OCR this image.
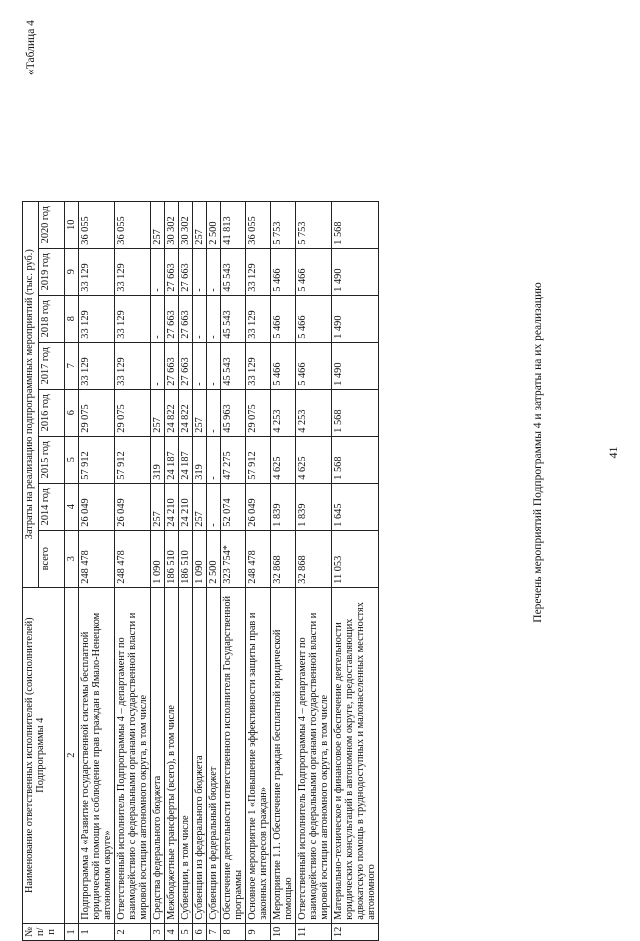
41
«Таблица 4
Перечень мероприятий Подпрограммы 4 и затраты на их реализацию
№ п/п	Наименование ответственных исполнителей (соисполнителей) Подпрограммы 4	Затраты на реализацию подпрограммных мероприятий (тыс. руб.)							
		всего	2014 год	2015 год	2016 год	2017 год	2018 год	2019 год	2020 год
1	2	3	4	5	6	7	8	9	10
1	Подпрограмма 4 «Развитие государственной системы бесплатной юридической помощи и соблюдение прав граждан в Ямало-Ненецком автономном округе»	248 478	26 049	57 912	29 075	33 129	33 129	33 129	36 055
2	Ответственный исполнитель Подпрограммы 4 – департамент по взаимодействию с федеральными органами государственной власти и мировой юстиции автономного округа, в том числе	248 478	26 049	57 912	29 075	33 129	33 129	33 129	36 055
3	Средства федерального бюджета	1 090	257	319	257	-	-	-	257
4	Межбюджетные трансферты (всего), в том числе	186 510	24 210	24 187	24 822	27 663	27 663	27 663	30 302
5	Субвенции, в том числе	186 510	24 210	24 187	24 822	27 663	27 663	27 663	30 302
6	Субвенции из федерального бюджета	1 090	257	319	257	-	-	-	257
7	Субвенции в федеральный бюджет	2 500	-	-	-	-	-	-	2 500
8	Обеспечение деятельности ответственного исполнителя Государственной программы	323 754*	52 074	47 275	45 963	45 543	45 543	45 543	41 813
9	Основное мероприятие 1 «Повышение эффективности защиты прав и законных интересов граждан»	248 478	26 049	57 912	29 075	33 129	33 129	33 129	36 055
10	Мероприятие 1.1. Обеспечение граждан бесплатной юридической помощью	32 868	1 839	4 625	4 253	5 466	5 466	5 466	5 753
11	Ответственный исполнитель Подпрограммы 4 – департамент по взаимодействию с федеральными органами государственной власти и мировой юстиции автономного округа, в том числе	32 868	1 839	4 625	4 253	5 466	5 466	5 466	5 753
12	Материально-техническое и финансовое обеспечение деятельности юридических консультаций в автономном округе, предоставляющих адвокатскую помощь в труднодоступных и малонаселенных местностях автономного	11 053	1 645	1 568	1 568	1 490	1 490	1 490	1 568
